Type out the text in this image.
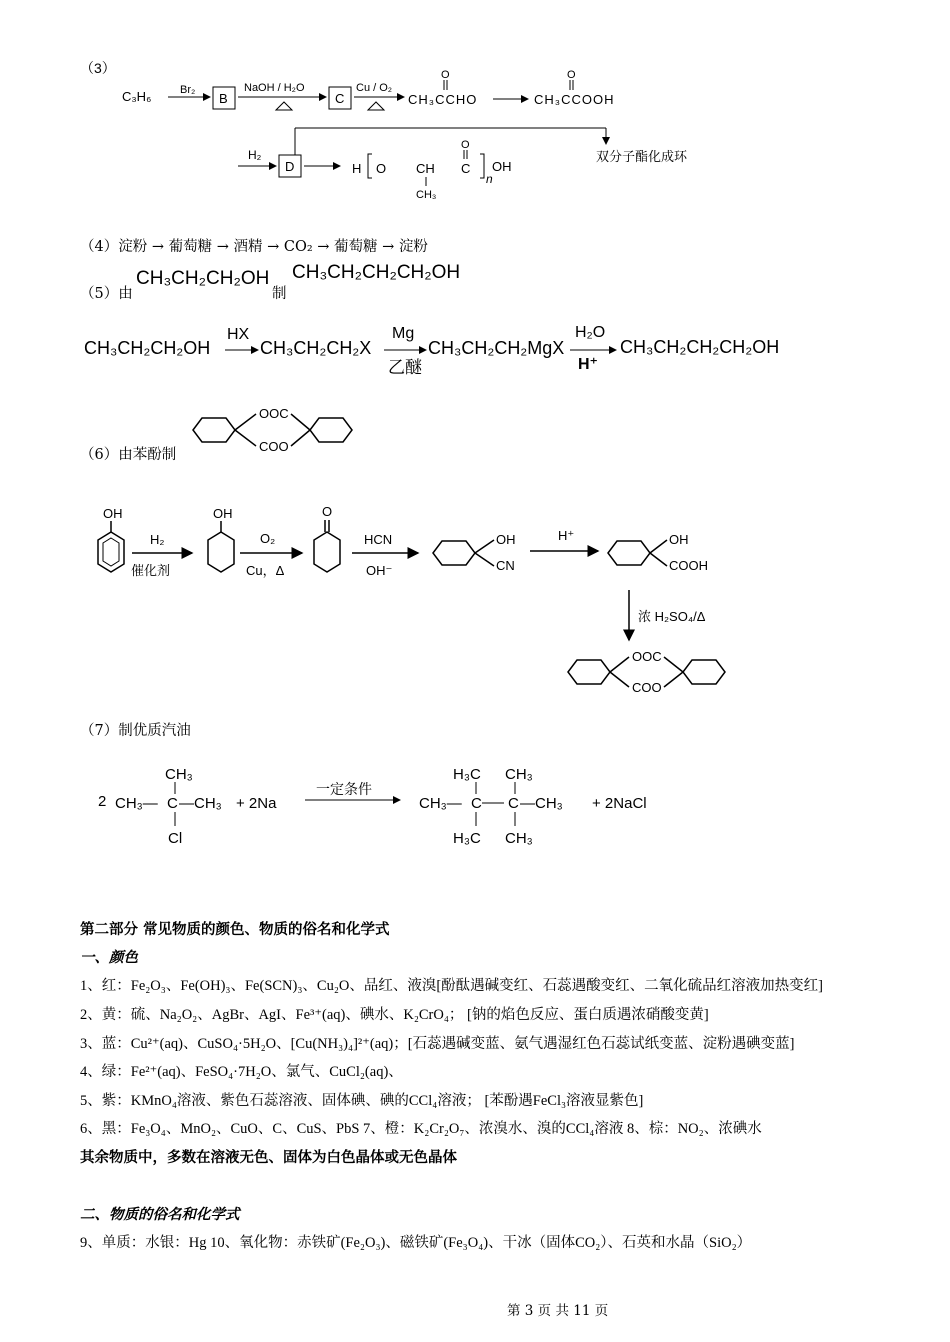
（3）
C₃H₆	Br₂
B
NaOH / H₂O
C
Cu / O₂
O
CH₃CCHO
O
CH₃CCOOH
双分子酯化成环
H₂
D	H O CH
CH₃
O
C
n
OH
OOC
COO
OH
H₂
催化剂
OH
O₂
Cu，Δ
O
HCN
OH⁻
OH
CN
H⁺	OH
COOH
浓 H₂SO₄/Δ
OOC
COO
2
CH₃
CH₃— C —CH₃
Cl
+ 2Na
一定条件
H₃C CH₃
CH₃— C C —CH₃
H₃C CH₃
+ 2NaCl
（4）淀粉 → 葡萄糖 → 酒精 → CO₂ → 葡萄糖 → 淀粉
（5）由
CH₃CH₂CH₂OH
制
CH₃CH₂CH₂CH₂OH
CH₃CH₂CH₂OH
HX
CH₃CH₂CH₂X
Mg
乙醚
CH₃CH₂CH₂MgX
H₂O
H⁺
CH₃CH₂CH₂CH₂OH
（6）由苯酚制
（7）制优质汽油
第二部分 常见物质的颜色、物质的俗名和化学式
一、颜色
1、红：Fe₂O₃、Fe(OH)₃、Fe(SCN)₃、Cu₂O、品红、液溴[酚酞遇碱变红、石蕊遇酸变红、二氧化硫品红溶液加热变红]
2、黄：硫、Na₂O₂、AgBr、AgI、Fe³⁺(aq)、碘水、K₂CrO₄； [钠的焰色反应、蛋白质遇浓硝酸变黄]
3、蓝：Cu²⁺(aq)、CuSO₄·5H₂O、[Cu(NH₃)₄]²⁺(aq)；[石蕊遇碱变蓝、氨气遇湿红色石蕊试纸变蓝、淀粉遇碘变蓝]
4、绿：Fe²⁺(aq)、FeSO₄·7H₂O、氯气、CuCl₂(aq)、
5、紫：KMnO₄溶液、紫色石蕊溶液、固体碘、碘的CCl₄溶液； [苯酚遇FeCl₃溶液显紫色]
6、黑：Fe₃O₄、MnO₂、CuO、C、CuS、PbS 7、橙：K₂Cr₂O₇、浓溴水、溴的CCl₄溶液 8、棕：NO₂、浓碘水
其余物质中，多数在溶液无色、固体为白色晶体或无色晶体
二、物质的俗名和化学式
9、单质：水银：Hg 10、氧化物：赤铁矿(Fe₂O₃)、磁铁矿(Fe₃O₄)、干冰（固体CO₂）、石英和水晶（SiO₂）
第 3 页 共 11 页
